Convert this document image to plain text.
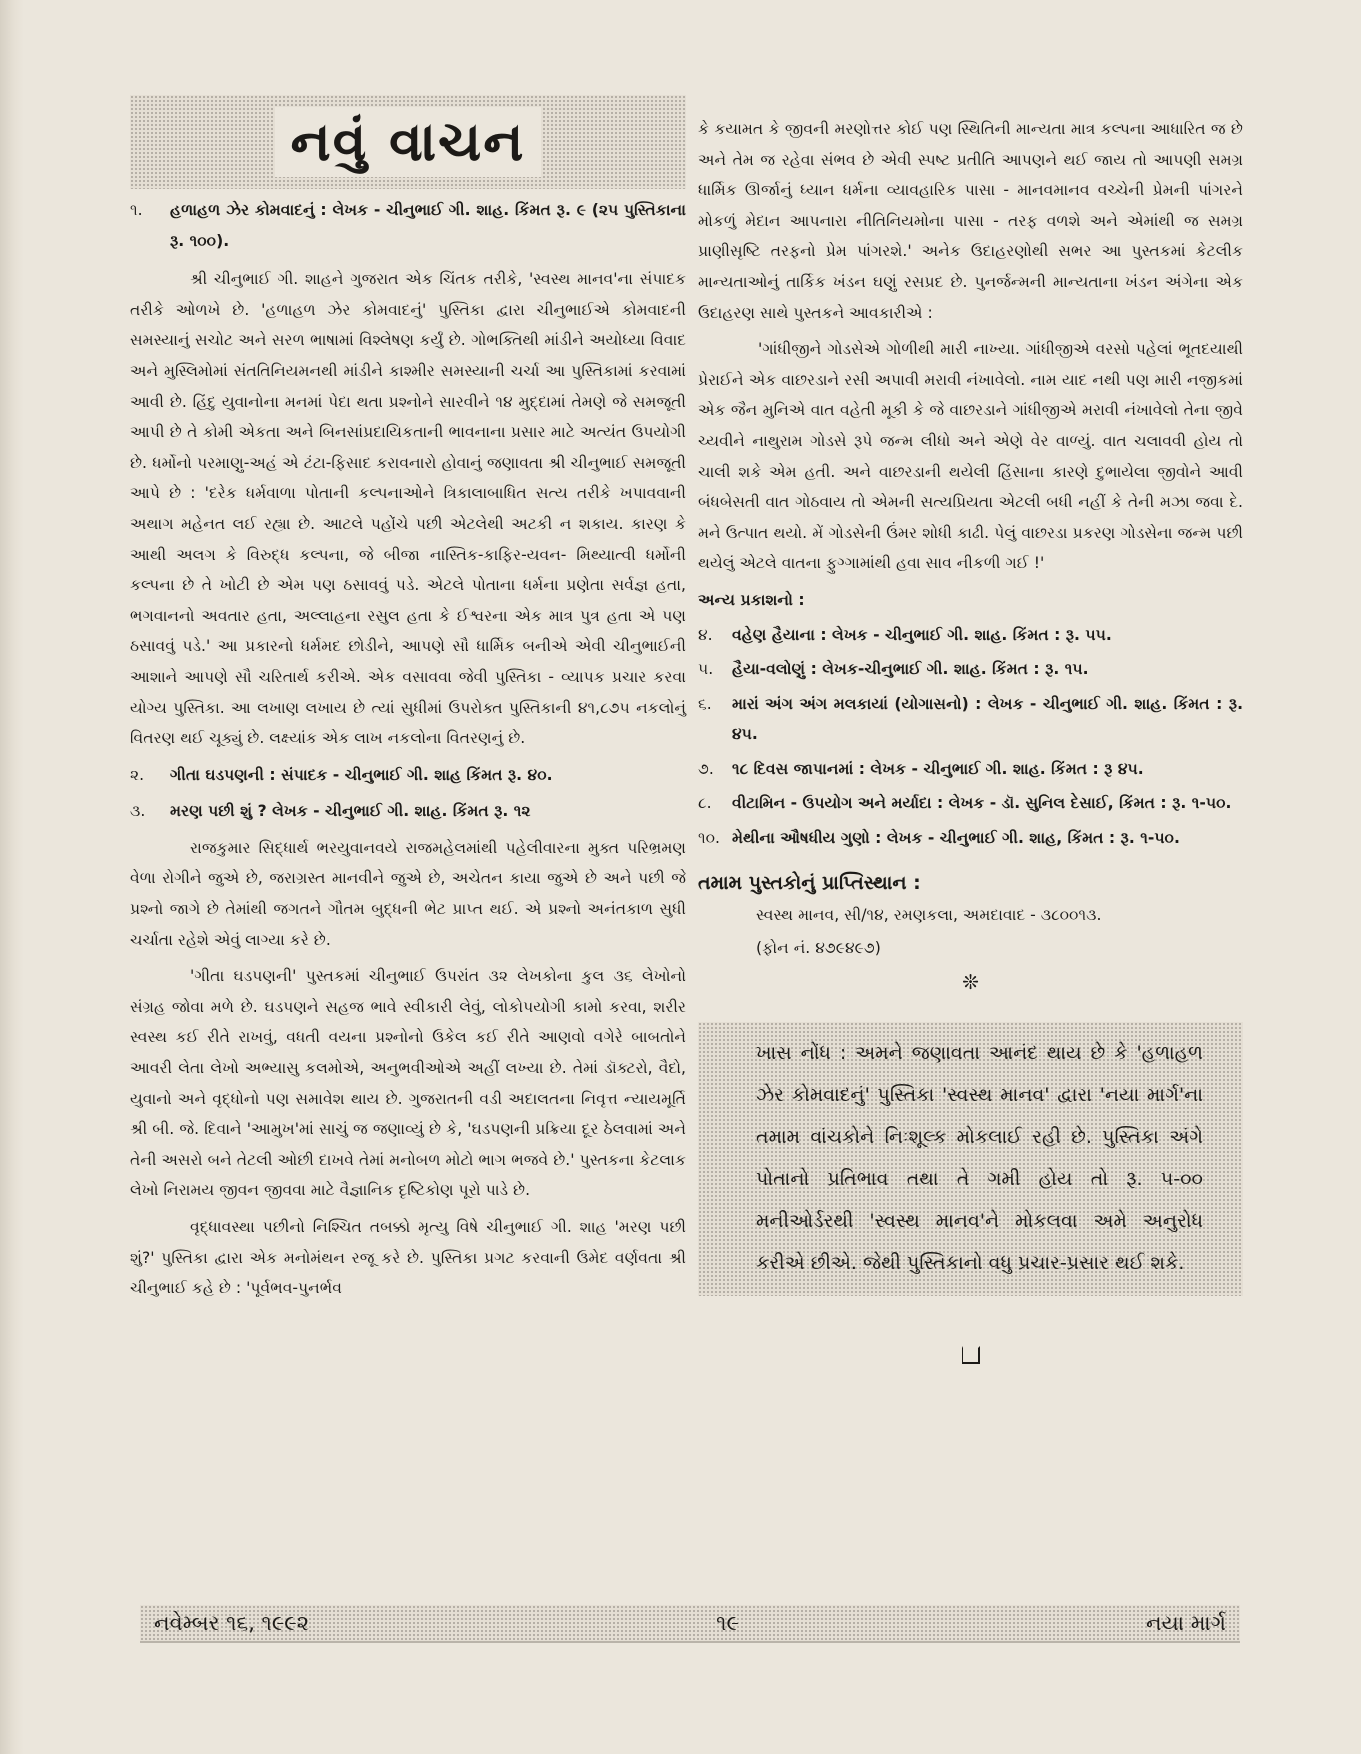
નવું વાચન
૧.	હળાહળ ઝેર કોમવાદનું : લેખક - ચીનુભાઈ ગી. શાહ. કિંમત રૂ. ૯ (૨૫ પુસ્તિકાના રૂ. ૧૦૦).

શ્રી ચીનુભાઈ ગી. શાહને ગુજરાત એક ચિંતક તરીકે, 'સ્વસ્થ માનવ'ના સંપાદક તરીકે ઓળખે છે. 'હળાહળ ઝેર કોમવાદનું' પુસ્તિકા દ્વારા ચીનુભાઈએ કોમવાદની સમસ્યાનું સચોટ અને સરળ ભાષામાં વિશ્લેષણ કર્યું છે. ગોભક્તિથી માંડીને અયોધ્યા વિવાદ અને મુસ્લિમોમાં સંતતિનિયમનથી માંડીને કાશ્મીર સમસ્યાની ચર્ચા આ પુસ્તિકામાં કરવામાં આવી છે. હિંદુ યુવાનોના મનમાં પેદા થતા પ્રશ્નોને સારવીને ૧૪ મુદ્દામાં તેમણે જે સમજૂતી આપી છે તે કોમી એકતા અને બિનસાંપ્રદાયિકતાની ભાવનાના પ્રસાર માટે અત્યંત ઉપયોગી છે. ધર્મોનો પરમાણુ-અહં એ ટંટા-ફિસાદ કરાવનારો હોવાનું જણાવતા શ્રી ચીનુભાઈ સમજૂતી આપે છે : 'દરેક ધર્મવાળા પોતાની કલ્પનાઓને ત્રિકાલાબાધિત સત્ય તરીકે ખપાવવાની અથાગ મહેનત લઈ રહ્યા છે. આટલે પહોંચે પછી એટલેથી અટકી ન શકાય. કારણ કે આથી અલગ કે વિરુદ્ધ કલ્પના, જે બીજા નાસ્તિક-કાફિર-યવન- મિથ્યાત્વી ધર્મોની કલ્પના છે તે ખોટી છે એમ પણ ઠસાવવું પડે. એટલે પોતાના ધર્મના પ્રણેતા સર્વજ્ઞ હતા, ભગવાનનો અવતાર હતા, અલ્લાહના રસુલ હતા કે ઈશ્વરના એક માત્ર પુત્ર હતા એ પણ ઠસાવવું પડે.' આ પ્રકારનો ધર્મમદ છોડીને, આપણે સૌ ધાર્મિક બનીએ એવી ચીનુભાઈની આશાને આપણે સૌ ચરિતાર્થ કરીએ. એક વસાવવા જેવી પુસ્તિકા - વ્યાપક પ્રચાર કરવા યોગ્ય પુસ્તિકા. આ લખાણ લખાય છે ત્યાં સુધીમાં ઉપરોક્ત પુસ્તિકાની ૪૧,૮૭૫ નકલોનું વિતરણ થઈ ચૂક્યું છે. લક્ષ્યાંક એક લાખ નકલોના વિતરણનું છે.

૨.	ગીતા ઘડપણની : સંપાદક - ચીનુભાઈ ગી. શાહ કિંમત રૂ. ૪૦.
૩.	મરણ પછી શું ? લેખક - ચીનુભાઈ ગી. શાહ. કિંમત રૂ. ૧૨

રાજકુમાર સિદ્ધાર્થ ભરયુવાનવયે રાજમહેલમાંથી પહેલીવારના મુક્ત પરિભ્રમણ વેળા રોગીને જુએ છે, જરાગ્રસ્ત માનવીને જુએ છે, અચેતન કાયા જુએ છે અને પછી જે પ્રશ્નો જાગે છે તેમાંથી જગતને ગૌતમ બુદ્ધની ભેટ પ્રાપ્ત થઈ. એ પ્રશ્નો અનંતકાળ સુધી ચર્ચાતા રહેશે એવું લાગ્યા કરે છે.

'ગીતા ઘડપણની' પુસ્તકમાં ચીનુભાઈ ઉપરાંત ૩૨ લેખકોના કુલ ૩૬ લેખોનો સંગ્રહ જોવા મળે છે. ઘડપણને સહજ ભાવે સ્વીકારી લેવું, લોકોપયોગી કામો કરવા, શરીર સ્વસ્થ કઈ રીતે રાખવું, વધતી વયના પ્રશ્નોનો ઉકેલ કઈ રીતે આણવો વગેરે બાબતોને આવરી લેતા લેખો અભ્યાસુ કલમોએ, અનુભવીઓએ અહીં લખ્યા છે. તેમાં ડૉક્ટરો, વૈદો, યુવાનો અને વૃદ્ધોનો પણ સમાવેશ થાય છે. ગુજરાતની વડી અદાલતના નિવૃત્ત ન્યાયમૂર્તિ શ્રી બી. જે. દિવાને 'આમુખ'માં સાચું જ જણાવ્યું છે કે, 'ઘડપણની પ્રક્રિયા દૂર ઠેલવામાં અને તેની અસરો બને તેટલી ઓછી દાખવે તેમાં મનોબળ મોટો ભાગ ભજવે છે.' પુસ્તકના કેટલાક લેખો નિરામય જીવન જીવવા માટે વૈજ્ઞાનિક દૃષ્ટિકોણ પૂરો પાડે છે.

વૃદ્ધાવસ્થા પછીનો નિશ્ચિત તબક્કો મૃત્યુ વિષે ચીનુભાઈ ગી. શાહ 'મરણ પછી શું?' પુસ્તિકા દ્વારા એક મનોમંથન રજૂ કરે છે. પુસ્તિકા પ્રગટ કરવાની ઉમેદ વર્ણવતા શ્રી ચીનુભાઈ કહે છે : 'પૂર્વભવ-પુનર્ભવ

કે કયામત કે જીવની મરણોત્તર કોઈ પણ સ્થિતિની માન્યતા માત્ર કલ્પના આધારિત જ છે અને તેમ જ રહેવા સંભવ છે એવી સ્પષ્ટ પ્રતીતિ આપણને થઈ જાય તો આપણી સમગ્ર ધાર્મિક ઊર્જાનું ધ્યાન ધર્મના વ્યાવહારિક પાસા - માનવમાનવ વચ્ચેની પ્રેમની પાંગરને મોકળું મેદાન આપનારા નીતિનિયમોના પાસા - તરફ વળશે અને એમાંથી જ સમગ્ર પ્રાણીસૃષ્ટિ તરફનો પ્રેમ પાંગરશે.' અનેક ઉદાહરણોથી સભર આ પુસ્તકમાં કેટલીક માન્યતાઓનું તાર્કિક ખંડન ઘણું રસપ્રદ છે. પુનર્જન્મની માન્યતાના ખંડન અંગેના એક ઉદાહરણ સાથે પુસ્તકને આવકારીએ :

'ગાંધીજીને ગોડસેએ ગોળીથી મારી નાખ્યા. ગાંધીજીએ વરસો પહેલાં ભૂતદયાથી પ્રેરાઈને એક વાછરડાને રસી અપાવી મરાવી નંખાવેલો. નામ યાદ નથી પણ મારી નજીકમાં એક જૈન મુનિએ વાત વહેતી મૂકી કે જે વાછરડાને ગાંધીજીએ મરાવી નંખાવેલો તેના જીવે ચ્યવીને નાથુરામ ગોડસે રૂપે જન્મ લીધો અને એણે વેર વાળ્યું. વાત ચલાવવી હોય તો ચાલી શકે એમ હતી. અને વાછરડાની થયેલી હિંસાના કારણે દુભાયેલા જીવોને આવી બંધબેસતી વાત ગોઠવાય તો એમની સત્યપ્રિયતા એટલી બધી નહીં કે તેની મઝા જવા દે. મને ઉત્પાત થયો. મેં ગોડસેની ઉંમર શોધી કાઢી. પેલું વાછરડા પ્રકરણ ગોડસેના જન્મ પછી થયેલું એટલે વાતના ફુગ્ગામાંથી હવા સાવ નીકળી ગઈ !'

અન્ય પ્રકાશનો :
૪.	વહેણ હૈયાના : લેખક - ચીનુભાઈ ગી. શાહ. કિંમત : રૂ. ૫૫.
૫.	હૈયા-વલોણું : લેખક-ચીનુભાઈ ગી. શાહ. કિંમત : રૂ. ૧૫.
૬.	મારાં અંગ અંગ મલકાયાં (યોગાસનો) : લેખક - ચીનુભાઈ ગી. શાહ. કિંમત : રૂ. ૪૫.
૭.	૧૮ દિવસ જાપાનમાં : લેખક - ચીનુભાઈ ગી. શાહ. કિંમત : રૂ ૪૫.
૮.	વીટામિન - ઉપયોગ અને મર્યાદા : લેખક - ડૉ. સુનિલ દેસાઈ, કિંમત : રૂ. ૧-૫૦.
૧૦. મેથીના ઔષધીય ગુણો : લેખક - ચીનુભાઈ ગી. શાહ, કિંમત : રૂ. ૧-૫૦.
તમામ પુસ્તકોનું પ્રાપ્તિસ્થાન :
સ્વસ્થ માનવ, સી/૧૪, રમણકલા, અમદાવાદ - ૩૮૦૦૧૩.
(ફોન નં. ૪૭૯૪૯૭)
❊
ખાસ નોંધ : અમને જણાવતા આનંદ થાય છે કે 'હળાહળ ઝેર કોમવાદનું' પુસ્તિકા 'સ્વસ્થ માનવ' દ્વારા 'નયા માર્ગ'ના તમામ વાંચકોને નિઃશૂલ્ક મોકલાઈ રહી છે. પુસ્તિકા અંગે પોતાનો પ્રતિભાવ તથા તે ગમી હોય તો રૂ. ૫-૦૦ મનીઓર્ડરથી 'સ્વસ્થ માનવ'ને મોકલવા અમે અનુરોધ કરીએ છીએ. જેથી પુસ્તિકાનો વધુ પ્રચાર-પ્રસાર થઈ શકે.
નવેમ્બર ૧૬, ૧૯૯૨	૧૯	નયા માર્ગ
